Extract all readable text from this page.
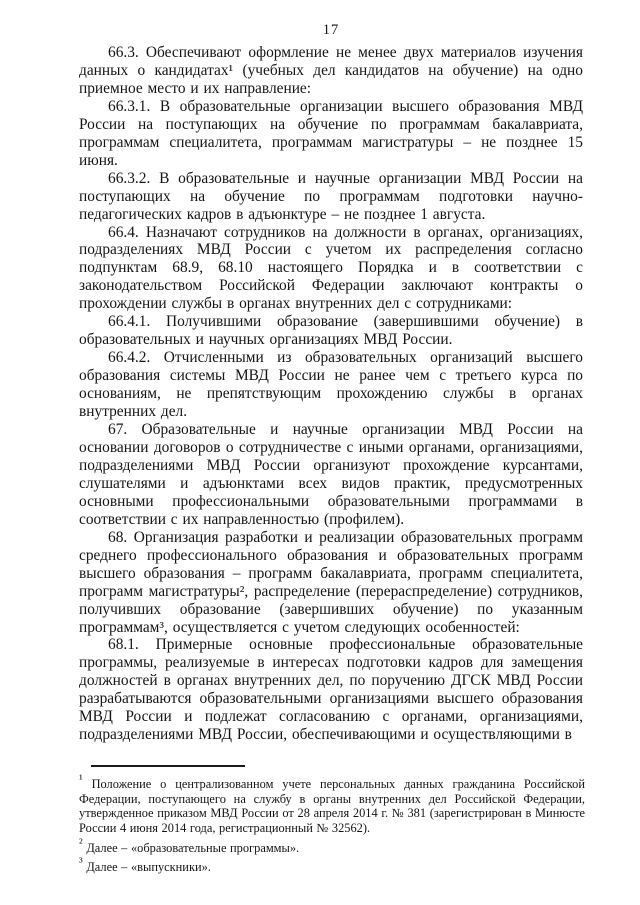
17

66.3. Обеспечивают оформление не менее двух материалов изучения данных о кандидатах¹ (учебных дел кандидатов на обучение) на одно приемное место и их направление:

66.3.1. В образовательные организации высшего образования МВД России на поступающих на обучение по программам бакалавриата, программам специалитета, программам магистратуры – не позднее 15 июня.

66.3.2. В образовательные и научные организации МВД России на поступающих на обучение по программам подготовки научно-педагогических кадров в адъюнктуре – не позднее 1 августа.

66.4. Назначают сотрудников на должности в органах, организациях, подразделениях МВД России с учетом их распределения согласно подпунктам 68.9, 68.10 настоящего Порядка и в соответствии с законодательством Российской Федерации заключают контракты о прохождении службы в органах внутренних дел с сотрудниками:

66.4.1. Получившими образование (завершившими обучение) в образовательных и научных организациях МВД России.

66.4.2. Отчисленными из образовательных организаций высшего образования системы МВД России не ранее чем с третьего курса по основаниям, не препятствующим прохождению службы в органах внутренних дел.

67. Образовательные и научные организации МВД России на основании договоров о сотрудничестве с иными органами, организациями, подразделениями МВД России организуют прохождение курсантами, слушателями и адъюнктами всех видов практик, предусмотренных основными профессиональными образовательными программами в соответствии с их направленностью (профилем).

68. Организация разработки и реализации образовательных программ среднего профессионального образования и образовательных программ высшего образования – программ бакалавриата, программ специалитета, программ магистратуры², распределение (перераспределение) сотрудников, получивших образование (завершивших обучение) по указанным программам³, осуществляется с учетом следующих особенностей:

68.1. Примерные основные профессиональные образовательные программы, реализуемые в интересах подготовки кадров для замещения должностей в органах внутренних дел, по поручению ДГСК МВД России разрабатываются образовательными организациями высшего образования МВД России и подлежат согласованию с органами, организациями, подразделениями МВД России, обеспечивающими и осуществляющими в

$^{^1}$ Положение о централизованном учете персональных данных гражданина Российской Федерации, поступающего на службу в органы внутренних дел Российской Федерации, утвержденное приказом МВД России от 28 апреля 2014 г. № 381 (зарегистрирован в Минюсте России 4 июня 2014 года, регистрационный № 32562).

$^{^2}$ Далее – «образовательные программы».

$^{^3}$ Далее – «выпускники».
